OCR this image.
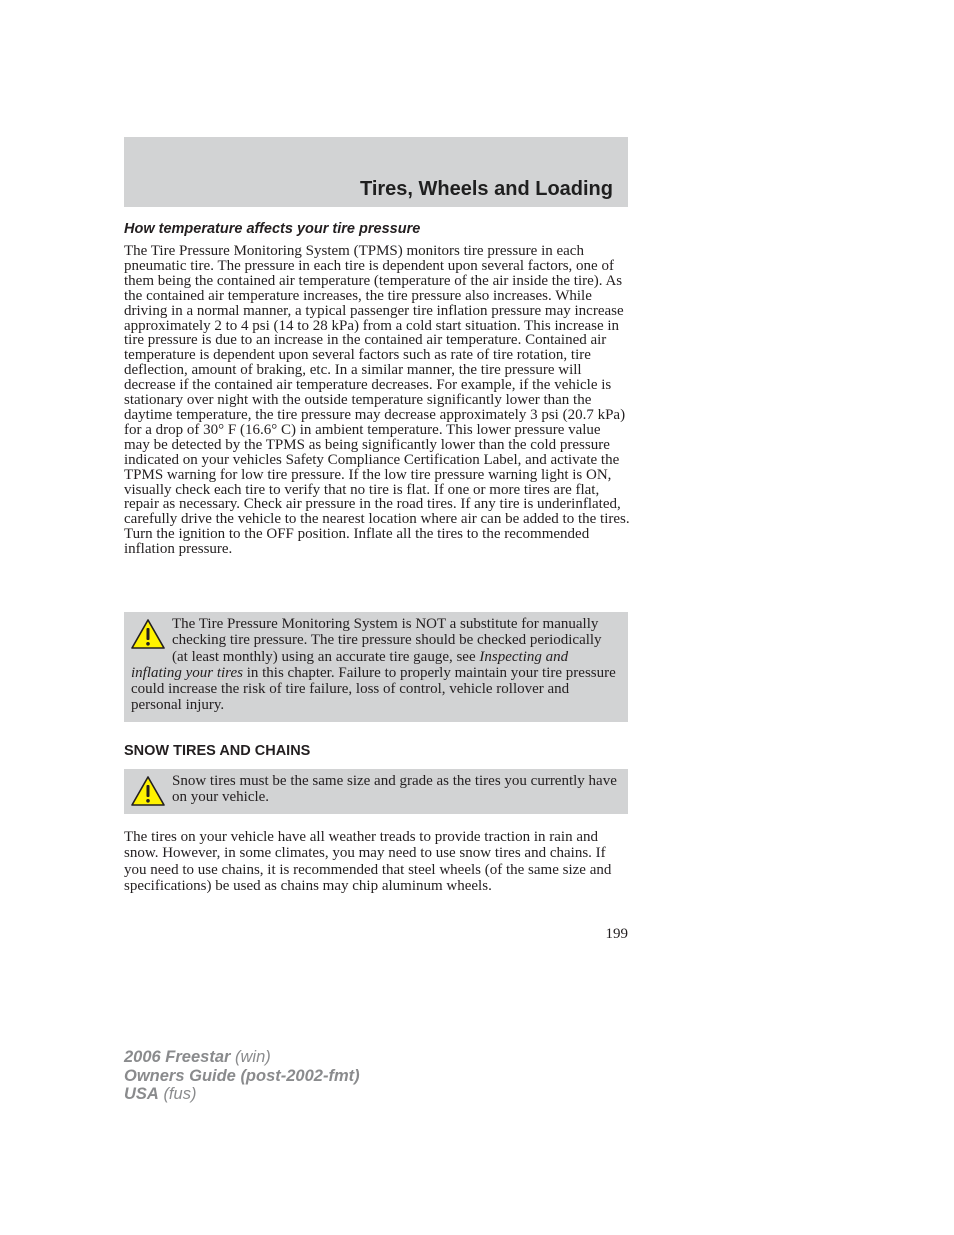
Tires, Wheels and Loading
How temperature affects your tire pressure

The Tire Pressure Monitoring System (TPMS) monitors tire pressure in each pneumatic tire. The pressure in each tire is dependent upon several factors, one of them being the contained air temperature (temperature of the air inside the tire). As the contained air temperature increases, the tire pressure also increases. While driving in a normal manner, a typical passenger tire inflation pressure may increase approximately 2 to 4 psi (14 to 28 kPa) from a cold start situation. This increase in tire pressure is due to an increase in the contained air temperature. Contained air temperature is dependent upon several factors such as rate of tire rotation, tire deflection, amount of braking, etc. In a similar manner, the tire pressure will decrease if the contained air temperature decreases. For example, if the vehicle is stationary over night with the outside temperature significantly lower than the daytime temperature, the tire pressure may decrease approximately 3 psi (20.7 kPa) for a drop of 30° F (16.6° C) in ambient temperature. This lower pressure value may be detected by the TPMS as being significantly lower than the cold pressure indicated on your vehicles Safety Compliance Certification Label, and activate the TPMS warning for low tire pressure. If the low tire pressure warning light is ON, visually check each tire to verify that no tire is flat. If one or more tires are flat, repair as necessary. Check air pressure in the road tires. If any tire is underinflated, carefully drive the vehicle to the nearest location where air can be added to the tires. Turn the ignition to the OFF position. Inflate all the tires to the recommended inflation pressure.

The Tire Pressure Monitoring System is NOT a substitute for manually checking tire pressure. The tire pressure should be checked periodically (at least monthly) using an accurate tire gauge, see Inspecting and inflating your tires in this chapter. Failure to properly maintain your tire pressure could increase the risk of tire failure, loss of control, vehicle rollover and personal injury.

SNOW TIRES AND CHAINS

Snow tires must be the same size and grade as the tires you currently have on your vehicle.

The tires on your vehicle have all weather treads to provide traction in rain and snow. However, in some climates, you may need to use snow tires and chains. If you need to use chains, it is recommended that steel wheels (of the same size and specifications) be used as chains may chip aluminum wheels.

199
2006 Freestar (win)
Owners Guide (post-2002-fmt)
USA (fus)
